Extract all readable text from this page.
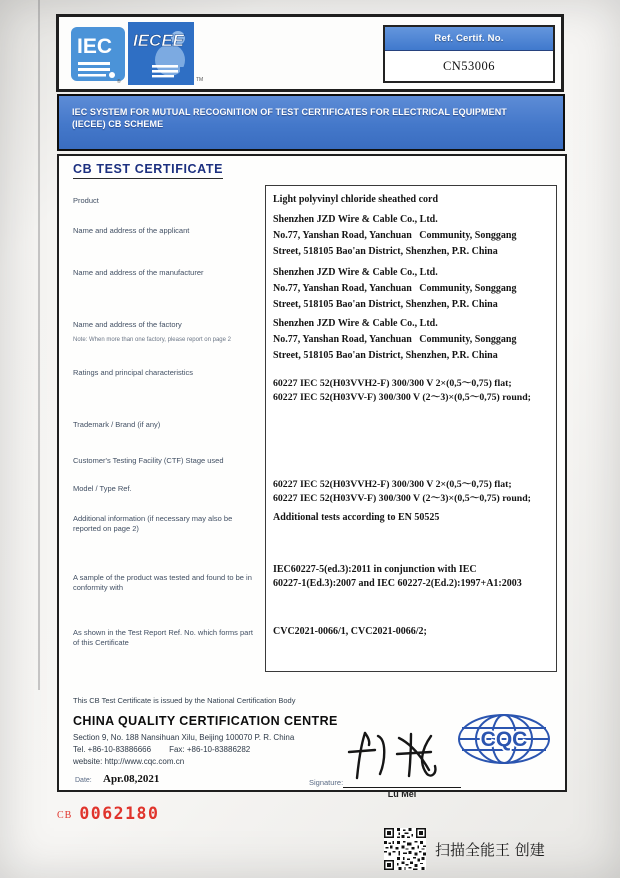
IEC
®
IECEE
TM
Ref. Certif. No.
CN53006
IEC SYSTEM FOR MUTUAL RECOGNITION OF TEST CERTIFICATES FOR ELECTRICAL EQUIPMENT
(IECEE) CB SCHEME
CB TEST CERTIFICATE
Product
Name and address of the applicant
Name and address of the manufacturer
Name and address of the factory
Note: When more than one factory, please report on page 2
Ratings and principal characteristics
Trademark / Brand (if any)
Customer's Testing Facility (CTF) Stage used
Model / Type Ref.
Additional information (if necessary may also be reported on page 2)
A sample of the product was tested and found to be in conformity with
As shown in the Test Report Ref. No. which forms part of this Certificate
Light polyvinyl chloride sheathed cord
Shenzhen JZD Wire & Cable Co., Ltd.
No.77, Yanshan Road, Yanchuan   Community, Songgang
Street, 518105 Bao'an District, Shenzhen, P.R. China
Shenzhen JZD Wire & Cable Co., Ltd.
No.77, Yanshan Road, Yanchuan   Community, Songgang
Street, 518105 Bao'an District, Shenzhen, P.R. China
Shenzhen JZD Wire & Cable Co., Ltd.
No.77, Yanshan Road, Yanchuan   Community, Songgang
Street, 518105 Bao'an District, Shenzhen, P.R. China
60227 IEC 52(H03VVH2-F) 300/300 V 2×(0,5～0,75) flat;
60227 IEC 52(H03VV-F) 300/300 V (2～3)×(0,5～0,75) round;
60227 IEC 52(H03VVH2-F) 300/300 V 2×(0,5～0,75) flat;
60227 IEC 52(H03VV-F) 300/300 V (2～3)×(0,5～0,75) round;
Additional tests according to EN 50525
IEC60227-5(ed.3):2011 in conjunction with IEC
60227-1(Ed.3):2007 and IEC 60227-2(Ed.2):1997+A1:2003
CVC2021-0066/1, CVC2021-0066/2;
This CB Test Certificate is issued by the National Certification Body
CHINA QUALITY CERTIFICATION CENTRE
Section 9, No. 188 Nansihuan Xilu, Beijing 100070 P. R. China
Tel. +86-10-83886666 Fax: +86-10-83886282
website: http://www.cqc.com.cn
Date: Apr.08,2021	Signature:
Lu Mei
CQC
CB 0062180
扫描全能王 创建
